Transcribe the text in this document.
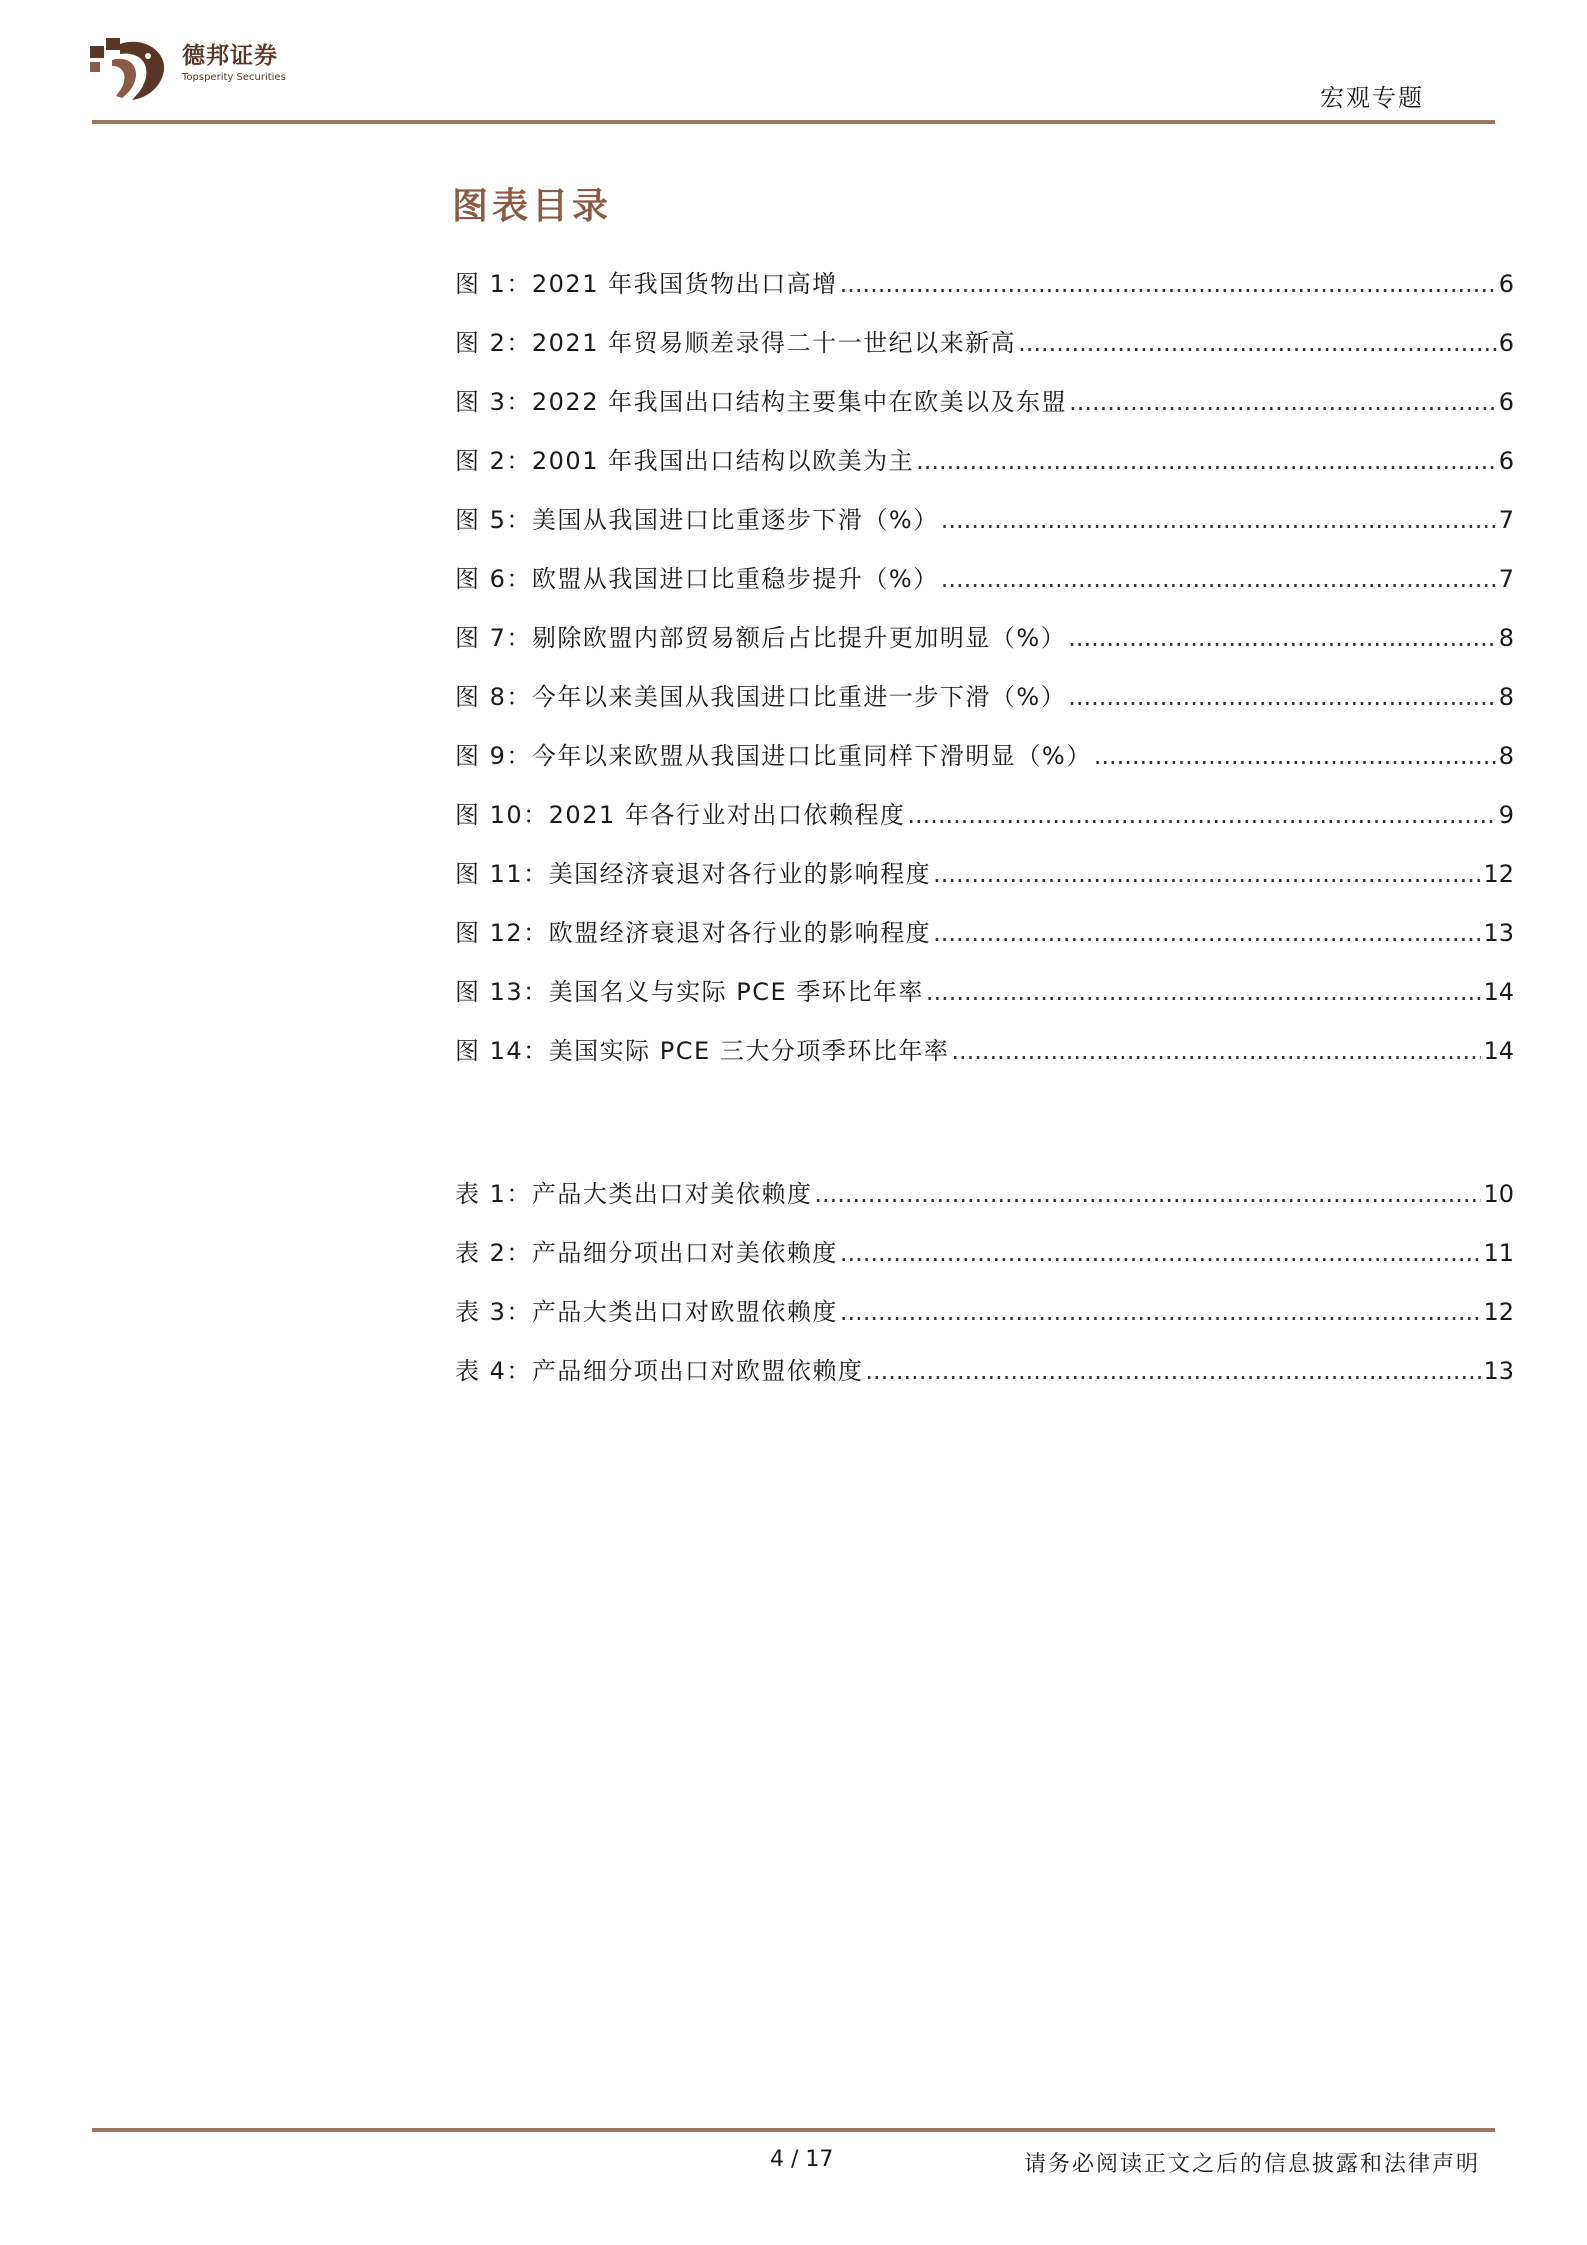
德邦证券
Topsperity Securities
宏观专题
图表目录
图 1：2021 年我国货物出口高增 .....	6
图 2：2021 年贸易顺差录得二十一世纪以来新高 .....	6
图 3：2022 年我国出口结构主要集中在欧美以及东盟 .....	6
图 2：2001 年我国出口结构以欧美为主 .....	6
图 5：美国从我国进口比重逐步下滑（%） .....	7
图 6：欧盟从我国进口比重稳步提升（%） .....	7
图 7：剔除欧盟内部贸易额后占比提升更加明显（%） .....	8
图 8：今年以来美国从我国进口比重进一步下滑（%） .....	8
图 9：今年以来欧盟从我国进口比重同样下滑明显（%） .....	8
图 10：2021 年各行业对出口依赖程度 .....	9
图 11：美国经济衰退对各行业的影响程度 .....	12
图 12：欧盟经济衰退对各行业的影响程度 .....	13
图 13：美国名义与实际 PCE 季环比年率 .....	14
图 14：美国实际 PCE 三大分项季环比年率 .....	14
表 1：产品大类出口对美依赖度 .....	10
表 2：产品细分项出口对美依赖度 .....	11
表 3：产品大类出口对欧盟依赖度 .....	12
表 4：产品细分项出口对欧盟依赖度 .....	13
4 / 17	请务必阅读正文之后的信息披露和法律声明
